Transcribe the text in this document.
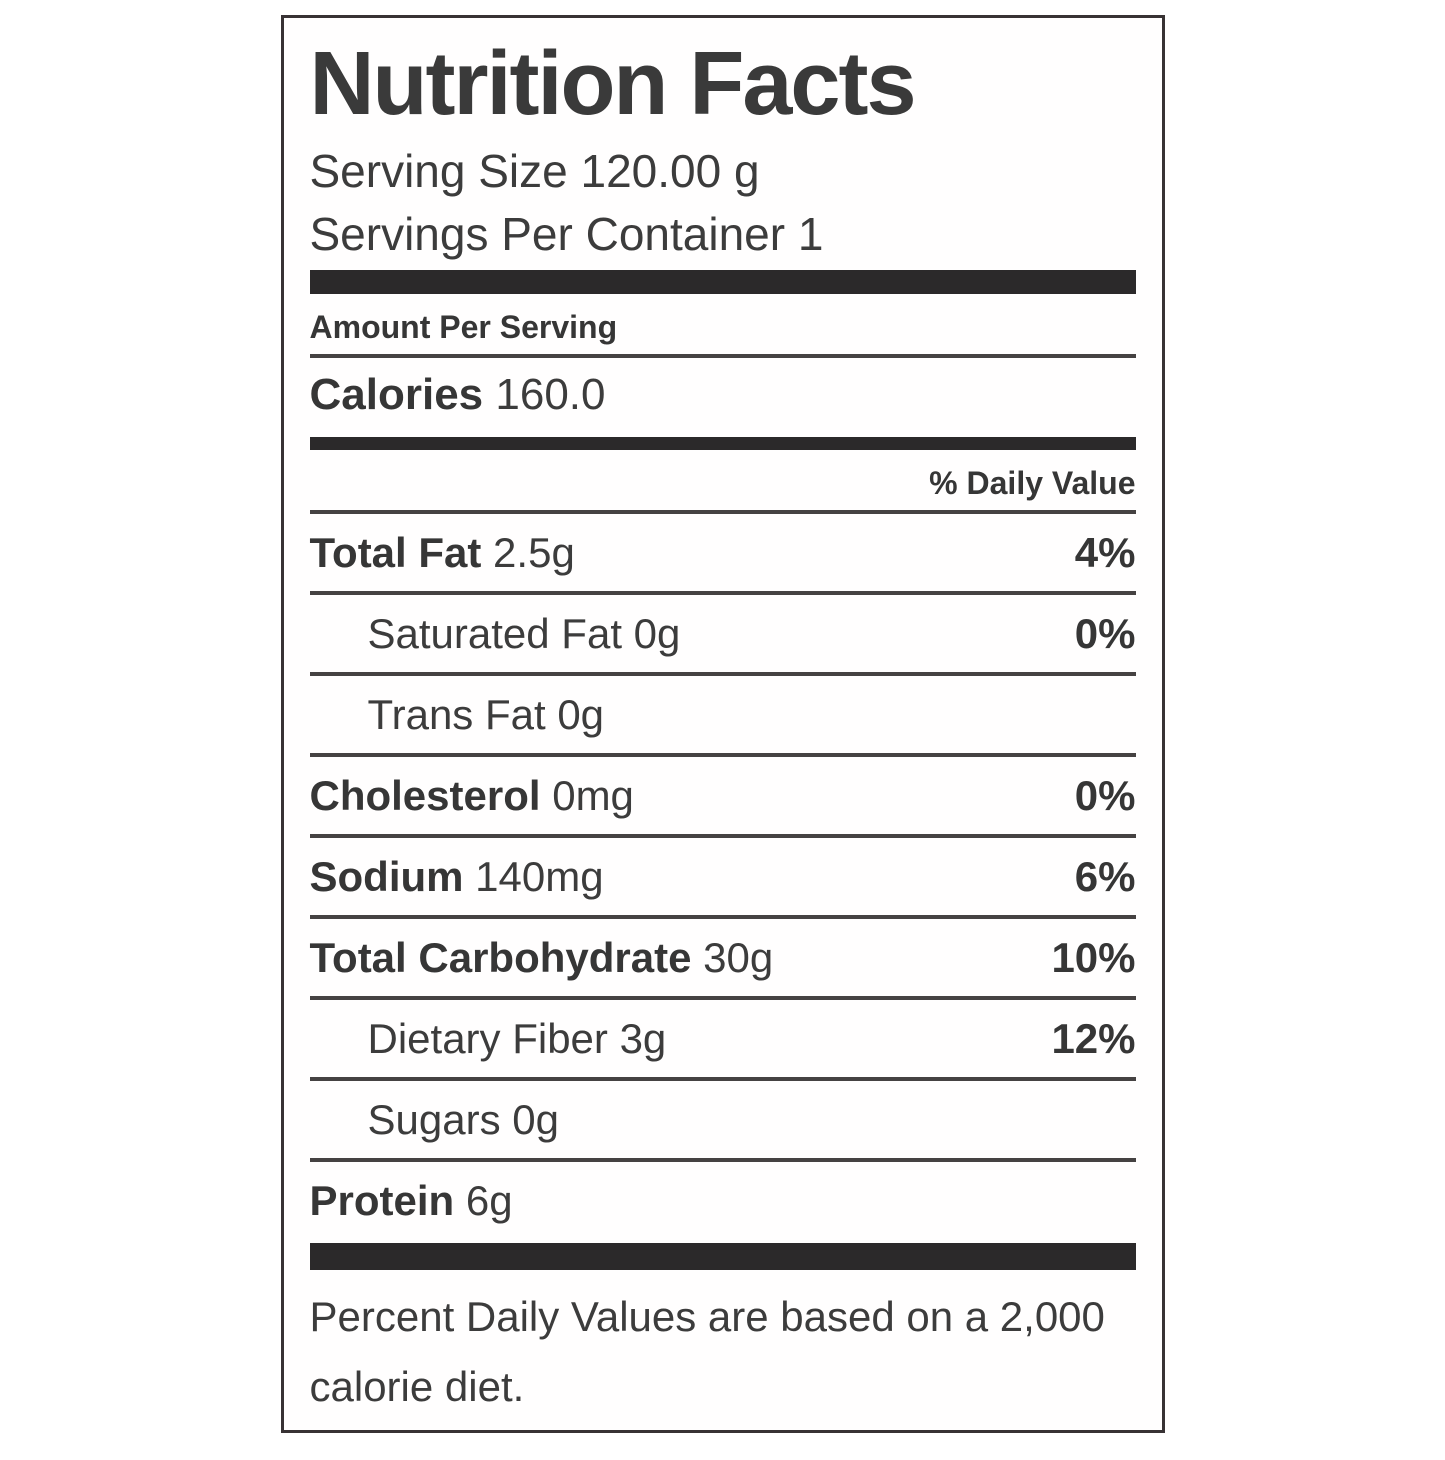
Nutrition Facts
Serving Size 120.00 g
Servings Per Container 1
Amount Per Serving
Calories 160.0
% Daily Value
Total Fat 2.5g	4%
Saturated Fat 0g	0%
Trans Fat 0g
Cholesterol 0mg	0%
Sodium 140mg	6%
Total Carbohydrate 30g	10%
Dietary Fiber 3g	12%
Sugars 0g
Protein 6g
Percent Daily Values are based on a 2,000
calorie diet.
